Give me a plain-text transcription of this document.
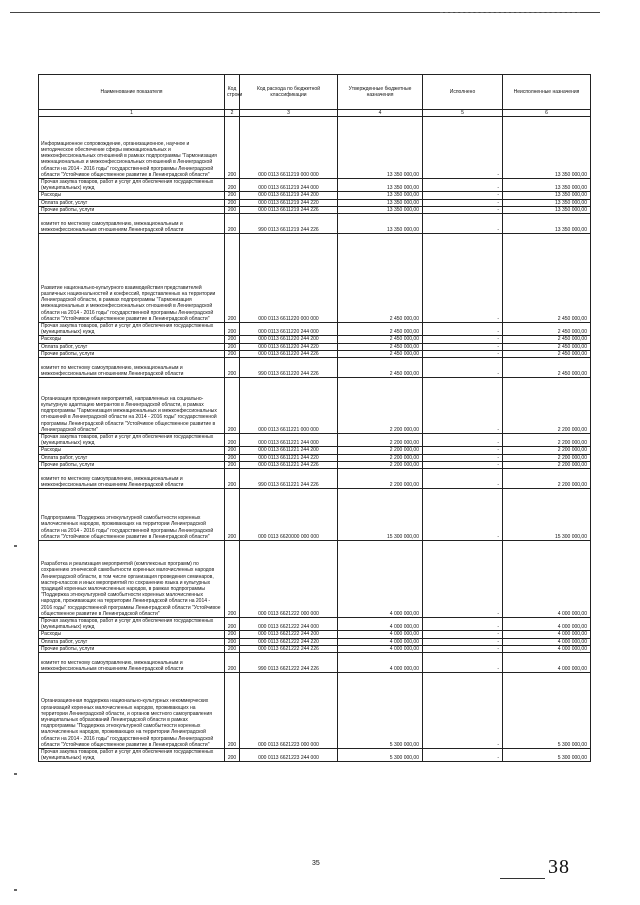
Наименование показателя	Код строки	Код расхода по бюджетной классификации	Утвержденные бюджетные назначения	Исполнено	Неисполненные назначения
1	2	3	4	5	6
Информационное сопровождение, организационное, научное и методическое обеспечение сферы межнациональных и межконфессиональных отношений в рамках подпрограммы "Гармонизация межнациональных и межконфессиональных отношений в Ленинградской области на 2014 - 2016 годы" государственной программы Ленинградской области "Устойчивое общественное развитие в Ленинградской области"	200	000 0113 6611219 000 000	13 350 000,00	-	13 350 000,00
Прочая закупка товаров, работ и услуг для обеспечения государственных (муниципальных) нужд	200	000 0113 6611219 244 000	13 350 000,00	-	13 350 000,00
Расходы	200	000 0113 6611219 244 200	13 350 000,00	-	13 350 000,00
Оплата работ, услуг	200	000 0113 6611219 244 220	13 350 000,00	-	13 350 000,00
Прочие работы, услуги	200	000 0113 6611219 244 226	13 350 000,00	-	13 350 000,00
комитет по местному самоуправлению, межнациональным и межконфессиональным отношениям Ленинградской области	200	990 0113 6611219 244 226	13 350 000,00	-	13 350 000,00
Развитие национально-культурного взаимодействия представителей различных национальностей и конфессий, представленных на территории Ленинградской области, в рамках подпрограммы "Гармонизация межнациональных и межконфессиональных отношений в Ленинградской области на 2014 - 2016 годы" государственной программы Ленинградской области "Устойчивое общественное развитие в Ленинградской области"	200	000 0113 6611220 000 000	2 450 000,00	-	2 450 000,00
Прочая закупка товаров, работ и услуг для обеспечения государственных (муниципальных) нужд	200	000 0113 6611220 244 000	2 450 000,00	-	2 450 000,00
Расходы	200	000 0113 6611220 244 200	2 450 000,00	-	2 450 000,00
Оплата работ, услуг	200	000 0113 6611220 244 220	2 450 000,00	-	2 450 000,00
Прочие работы, услуги	200	000 0113 6611220 244 226	2 450 000,00	-	2 450 000,00
комитет по местному самоуправлению, межнациональным и межконфессиональным отношениям Ленинградской области	200	990 0113 6611220 244 226	2 450 000,00	-	2 450 000,00
Организация проведения мероприятий, направленных на социально-культурную адаптацию мигрантов в Ленинградской области, в рамках подпрограммы "Гармонизация межнациональных и межконфессиональных отношений в Ленинградской области на 2014 - 2016 годы" государственной программы Ленинградской области "Устойчивое общественное развитие в Ленинградской области"	200	000 0113 6611221 000 000	2 200 000,00	-	2 200 000,00
Прочая закупка товаров, работ и услуг для обеспечения государственных (муниципальных) нужд	200	000 0113 6611221 244 000	2 200 000,00	-	2 200 000,00
Расходы	200	000 0113 6611221 244 200	2 200 000,00	-	2 200 000,00
Оплата работ, услуг	200	000 0113 6611221 244 220	2 200 000,00	-	2 200 000,00
Прочие работы, услуги	200	000 0113 6611221 244 226	2 200 000,00	-	2 200 000,00
комитет по местному самоуправлению, межнациональным и межконфессиональным отношениям Ленинградской области	200	990 0113 6611221 244 226	2 200 000,00	-	2 200 000,00
Подпрограмма "Поддержка этнокультурной самобытности коренных малочисленных народов, проживающих на территории Ленинградской области на 2014 - 2016 годы" государственной программы Ленинградской области "Устойчивое общественное развитие в Ленинградской области"	200	000 0113 6620000 000 000	15 300 000,00	-	15 300 000,00
Разработка и реализация мероприятий (комплексных программ) по сохранению этнической самобытности коренных малочисленных народов Ленинградской области, в том числе организация проведения семинаров, мастер-классов и иных мероприятий по сохранению языка и культурных традиций коренных малочисленных народов, в рамках подпрограммы "Поддержка этнокультурной самобытности коренных малочисленных народов, проживающих на территории Ленинградской области на 2014 - 2016 годы" государственной программы Ленинградской области "Устойчивое общественное развитие в Ленинградской области"	200	000 0113 6621222 000 000	4 000 000,00	-	4 000 000,00
Прочая закупка товаров, работ и услуг для обеспечения государственных (муниципальных) нужд	200	000 0113 6621222 244 000	4 000 000,00	-	4 000 000,00
Расходы	200	000 0113 6621222 244 200	4 000 000,00	-	4 000 000,00
Оплата работ, услуг	200	000 0113 6621222 244 220	4 000 000,00	-	4 000 000,00
Прочие работы, услуги	200	000 0113 6621222 244 226	4 000 000,00	-	4 000 000,00
комитет по местному самоуправлению, межнациональным и межконфессиональным отношениям Ленинградской области	200	990 0113 6621222 244 226	4 000 000,00	-	4 000 000,00
Организационная поддержка национально-культурных некоммерческих организаций коренных малочисленных народов, проживающих на территории Ленинградской области, и органов местного самоуправления муниципальных образований Ленинградской области в рамках подпрограммы "Поддержка этнокультурной самобытности коренных малочисленных народов, проживающих на территории Ленинградской области на 2014 - 2016 годы" государственной программы Ленинградской области "Устойчивое общественное развитие в Ленинградской области"	200	000 0113 6621223 000 000	5 300 000,00	-	5 300 000,00
Прочая закупка товаров, работ и услуг для обеспечения государственных (муниципальных) нужд	200	000 0113 6621223 244 000	5 300 000,00	-	5 300 000,00
35	38
